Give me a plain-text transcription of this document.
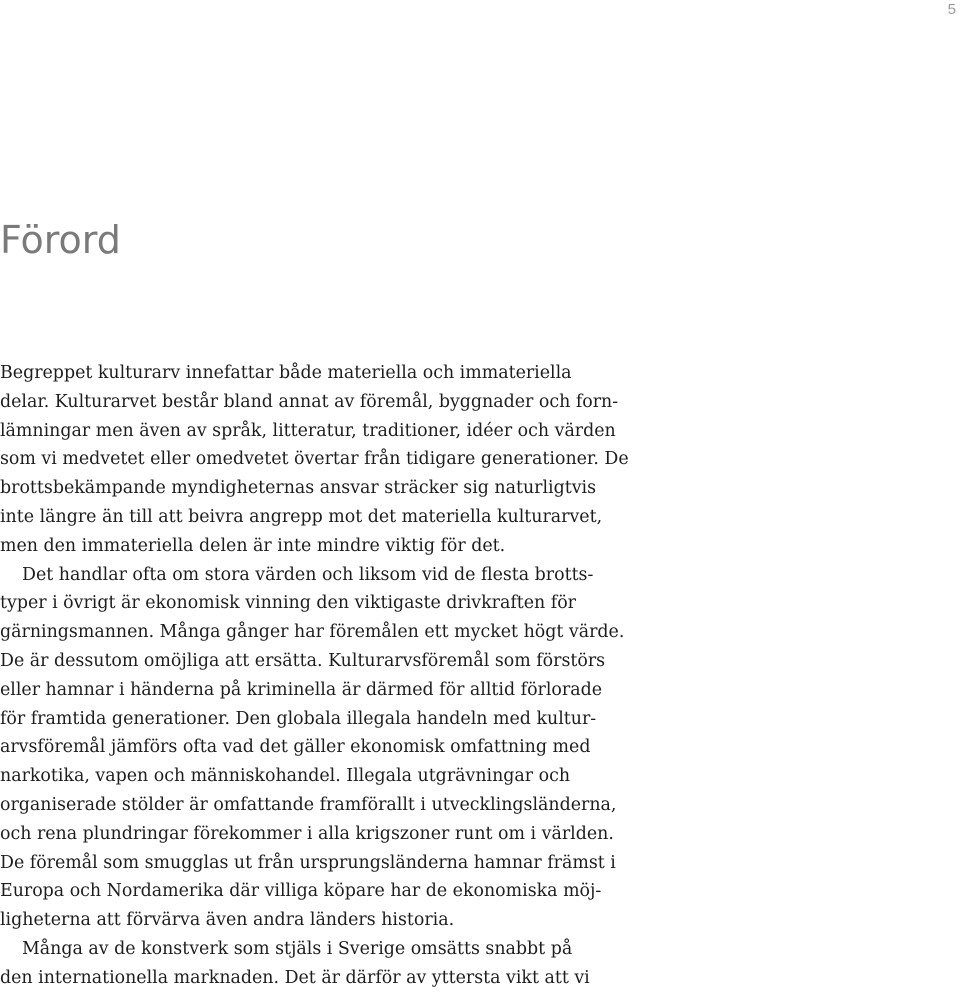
5
Förord
Begreppet kulturarv innefattar både materiella och immateriella
delar. Kulturarvet består bland annat av föremål, byggnader och forn-
lämningar men även av språk, litteratur, traditioner, idéer och värden
som vi medvetet eller omedvetet övertar från tidigare generationer. De
brottsbekämpande myndigheternas ansvar sträcker sig naturligtvis
inte längre än till att beivra angrepp mot det materiella kulturarvet,
men den immateriella delen är inte mindre viktig för det.
Det handlar ofta om stora värden och liksom vid de flesta brotts-
typer i övrigt är ekonomisk vinning den viktigaste drivkraften för
gärningsmannen. Många gånger har föremålen ett mycket högt värde.
De är dessutom omöjliga att ersätta. Kulturarvsföremål som förstörs
eller hamnar i händerna på kriminella är därmed för alltid förlorade
för framtida generationer. Den globala illegala handeln med kultur-
arvsföremål jämförs ofta vad det gäller ekonomisk omfattning med
narkotika, vapen och människohandel. Illegala utgrävningar och
organiserade stölder är omfattande framförallt i utvecklingsländerna,
och rena plundringar förekommer i alla krigszoner runt om i världen.
De föremål som smugglas ut från ursprungsländerna hamnar främst i
Europa och Nordamerika där villiga köpare har de ekonomiska möj-
ligheterna att förvärva även andra länders historia.
Många av de konstverk som stjäls i Sverige omsätts snabbt på
den internationella marknaden. Det är därför av yttersta vikt att vi
